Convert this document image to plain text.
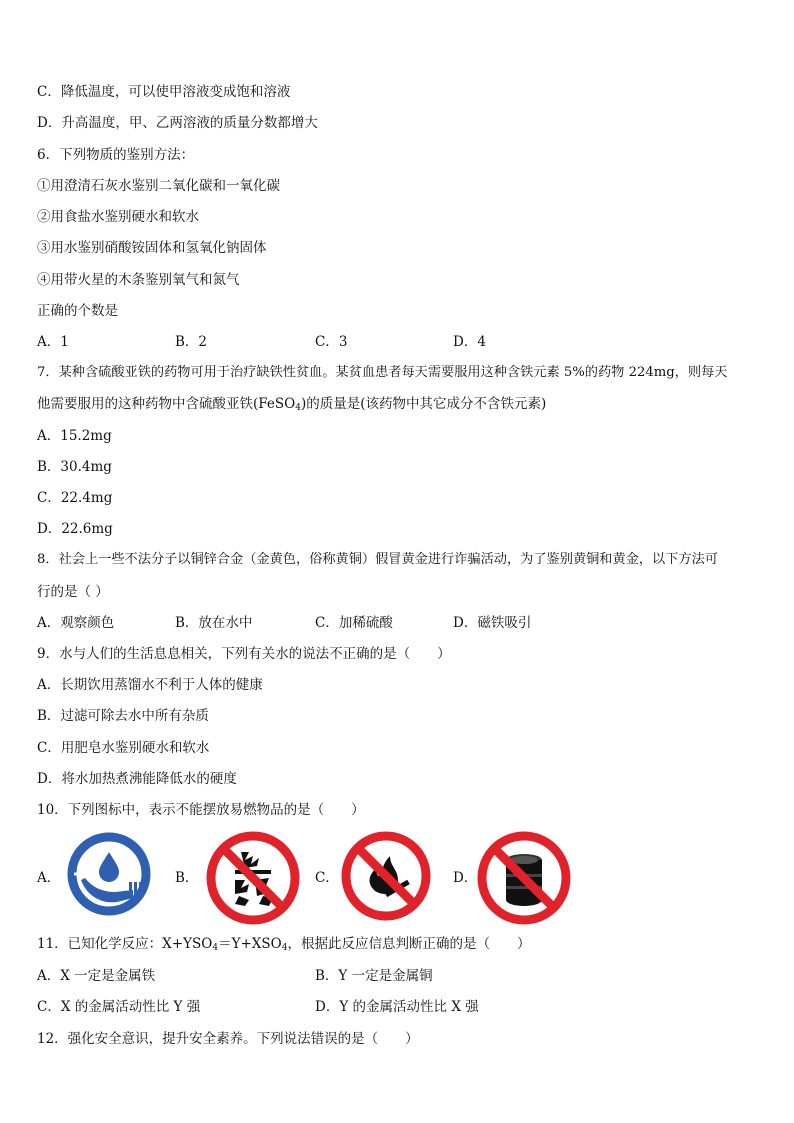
C．降低温度，可以使甲溶液变成饱和溶液
D．升高温度，甲、乙两溶液的质量分数都增大
6．下列物质的鉴别方法：
①用澄清石灰水鉴别二氧化碳和一氧化碳
②用食盐水鉴别硬水和软水
③用水鉴别硝酸铵固体和氢氧化钠固体
④用带火星的木条鉴别氧气和氮气
正确的个数是
A．1	B．2	C．3	D．4
7．某种含硫酸亚铁的药物可用于治疗缺铁性贫血。某贫血患者每天需要服用这种含铁元素 5%的药物 224mg，则每天
他需要服用的这种药物中含硫酸亚铁(FeSO$_4$)的质量是(该药物中其它成分不含铁元素)
A．15.2mg
B．30.4mg
C．22.4mg
D．22.6mg
8．社会上一些不法分子以铜锌合金（金黄色，俗称黄铜）假冒黄金进行诈骗活动，为了鉴别黄铜和黄金，以下方法可
行的是（ ）
A．观察颜色	B．放在水中	C．加稀硫酸	D．磁铁吸引
9．水与人们的生活息息相关，下列有关水的说法不正确的是（　　）
A．长期饮用蒸馏水不利于人体的健康
B．过滤可除去水中所有杂质
C．用肥皂水鉴别硬水和软水
D．将水加热煮沸能降低水的硬度
10．下列图标中，表示不能摆放易燃物品的是（　　）
A．	B．	C．	D．
11．已知化学反应：$X+YSO_4=Y+XSO_4$，根据此反应信息判断正确的是（　　）
A．X 一定是金属铁	B．Y 一定是金属铜
C．X 的金属活动性比 Y 强	D．Y 的金属活动性比 X 强
12．强化安全意识，提升安全素养。下列说法错误的是（　　）
